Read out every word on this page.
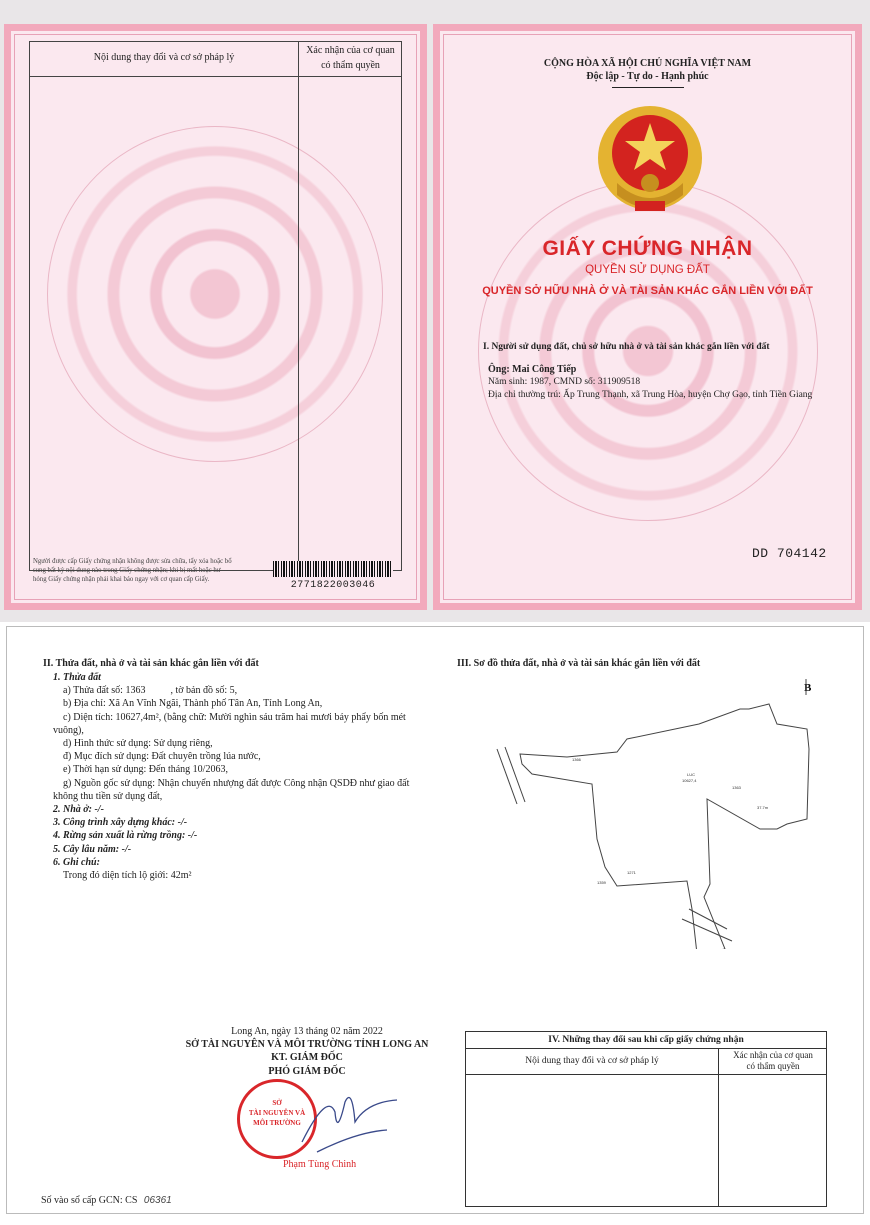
Nội dung thay đổi và cơ sở pháp lý
Xác nhận của cơ quan
có thẩm quyền
Người được cấp Giấy chứng nhận không được sửa chữa, tẩy xóa hoặc bổ
sung bất kỳ nội dung nào trong Giấy chứng nhận; khi bị mất hoặc hư
hỏng Giấy chứng nhận phải khai báo ngay với cơ quan cấp Giấy.
2771822003046
CỘNG HÒA XÃ HỘI CHỦ NGHĨA VIỆT NAM
Độc lập - Tự do - Hạnh phúc
GIẤY CHỨNG NHẬN
QUYỀN SỬ DỤNG ĐẤT
QUYỀN SỞ HỮU NHÀ Ở VÀ TÀI SẢN KHÁC GẮN LIỀN VỚI ĐẤT
I. Người sử dụng đất, chủ sở hữu nhà ở và tài sản khác gắn liền với đất
Ông: Mai Công Tiếp
Năm sinh: 1987, CMND số: 311909518
Địa chỉ thường trú: Ấp Trung Thạnh, xã Trung Hòa, huyện Chợ Gạo, tỉnh Tiền Giang
DD 704142
II. Thửa đất, nhà ở và tài sản khác gắn liền với đất
1. Thửa đất
a) Thửa đất số: 1363          , tờ bản đồ số: 5,
b) Địa chỉ: Xã An Vĩnh Ngãi, Thành phố Tân An, Tỉnh Long An,
c) Diện tích: 10627,4m², (bằng chữ: Mười nghìn sáu trăm hai mươi bảy phẩy bốn mét
vuông),
d) Hình thức sử dụng: Sử dụng riêng,
đ) Mục đích sử dụng: Đất chuyên trồng lúa nước,
e) Thời hạn sử dụng: Đến tháng 10/2063,
g) Nguồn gốc sử dụng: Nhận chuyển nhượng đất được Công nhận QSDĐ như giao đất
không thu tiền sử dụng đất,
2. Nhà ở: -/-
3. Công trình xây dựng khác: -/-
4. Rừng sản xuất là rừng trồng: -/-
5. Cây lâu năm: -/-
6. Ghi chú:
Trong đó diện tích lộ giới: 42m²
III. Sơ đồ thửa đất, nhà ở và tài sản khác gắn liền với đất
B
LUC
10627,4
1363
1366
37.7m
1271
1359
Long An, ngày 13 tháng 02 năm 2022
SỞ TÀI NGUYÊN VÀ MÔI TRƯỜNG TỈNH LONG AN
KT. GIÁM ĐỐC
PHÓ GIÁM ĐỐC
SỞ
TÀI NGUYÊN VÀ
MÔI TRƯỜNG
Phạm Tùng Chinh
Số vào sổ cấp GCN: CS 06361
IV. Những thay đổi sau khi cấp giấy chứng nhận
Nội dung thay đổi và cơ sở pháp lý
Xác nhận của cơ quan
có thẩm quyền
